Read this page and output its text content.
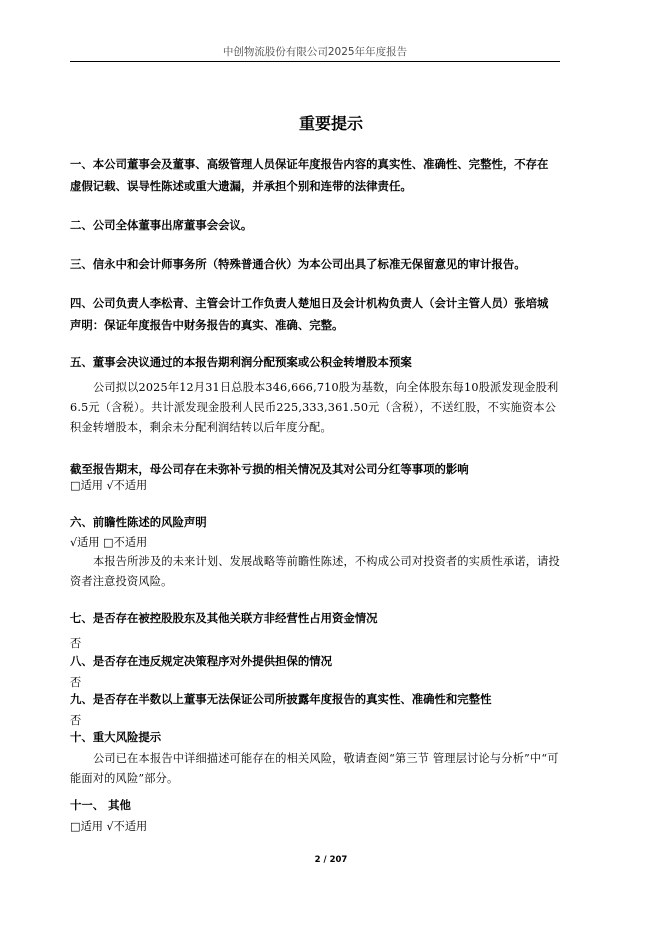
中创物流股份有限公司2025年年度报告
重要提示
一、本公司董事会及董事、高级管理人员保证年度报告内容的真实性、准确性、完整性，不存在
虚假记载、误导性陈述或重大遗漏，并承担个别和连带的法律责任。
二、公司全体董事出席董事会会议。
三、信永中和会计师事务所（特殊普通合伙）为本公司出具了标准无保留意见的审计报告。
四、公司负责人李松青、主管会计工作负责人楚旭日及会计机构负责人（会计主管人员）张培城
声明：保证年度报告中财务报告的真实、准确、完整。
五、董事会决议通过的本报告期利润分配预案或公积金转增股本预案
公司拟以2025年12月31日总股本346,666,710股为基数，向全体股东每10股派发现金股利6.5元（含税）。共计派发现金股利人民币225,333,361.50元（含税），不送红股，不实施资本公积金转增股本，剩余未分配利润结转以后年度分配。
截至报告期末，母公司存在未弥补亏损的相关情况及其对公司分红等事项的影响
□适用 √不适用
六、前瞻性陈述的风险声明
√适用 □不适用
本报告所涉及的未来计划、发展战略等前瞻性陈述，不构成公司对投资者的实质性承诺，请投资者注意投资风险。
七、是否存在被控股股东及其他关联方非经营性占用资金情况
否
八、是否存在违反规定决策程序对外提供担保的情况
否
九、是否存在半数以上董事无法保证公司所披露年度报告的真实性、准确性和完整性
否
十、重大风险提示
公司已在本报告中详细描述可能存在的相关风险，敬请查阅“第三节 管理层讨论与分析”中“可能面对的风险”部分。
十一、 其他
□适用 √不适用
2 / 207
